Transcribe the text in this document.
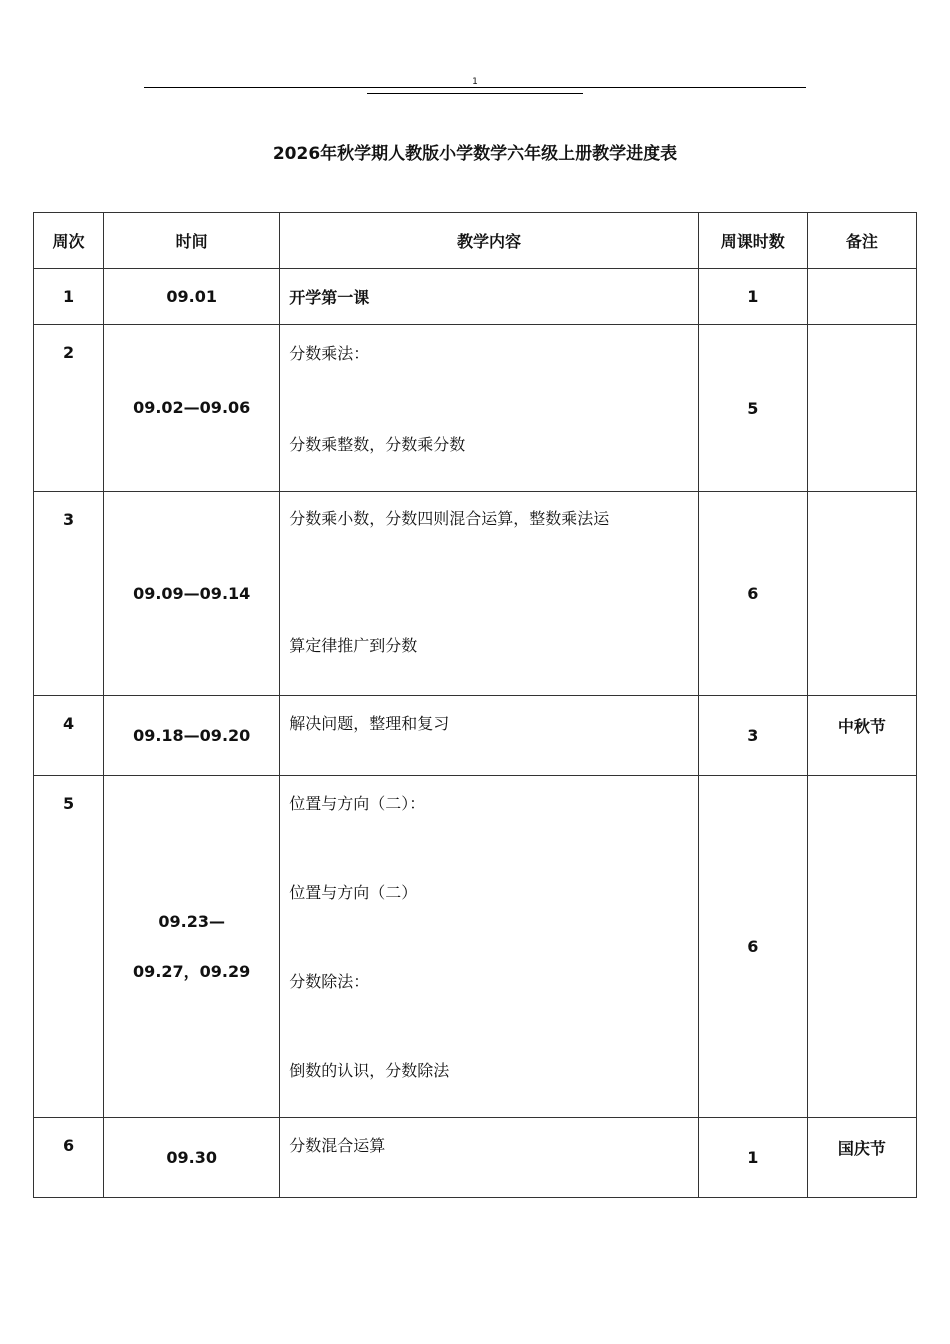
1
2026年秋学期人教版小学数学六年级上册教学进度表
周次	时间	教学内容	周课时数	备注

1	09.01	开学第一课	1	

2	09.02—09.06	分数乘法：
分数乘整数，分数乘分数	5	

3	09.09—09.14	分数乘小数，分数四则混合运算，整数乘法运
算定律推广到分数	6	

4	09.18—09.20	解决问题，整理和复习	3	中秋节

5	09.23—
09.27，09.29	位置与方向（二）：
位置与方向（二）
分数除法：
倒数的认识，分数除法	6	

6	09.30	分数混合运算	1	国庆节
